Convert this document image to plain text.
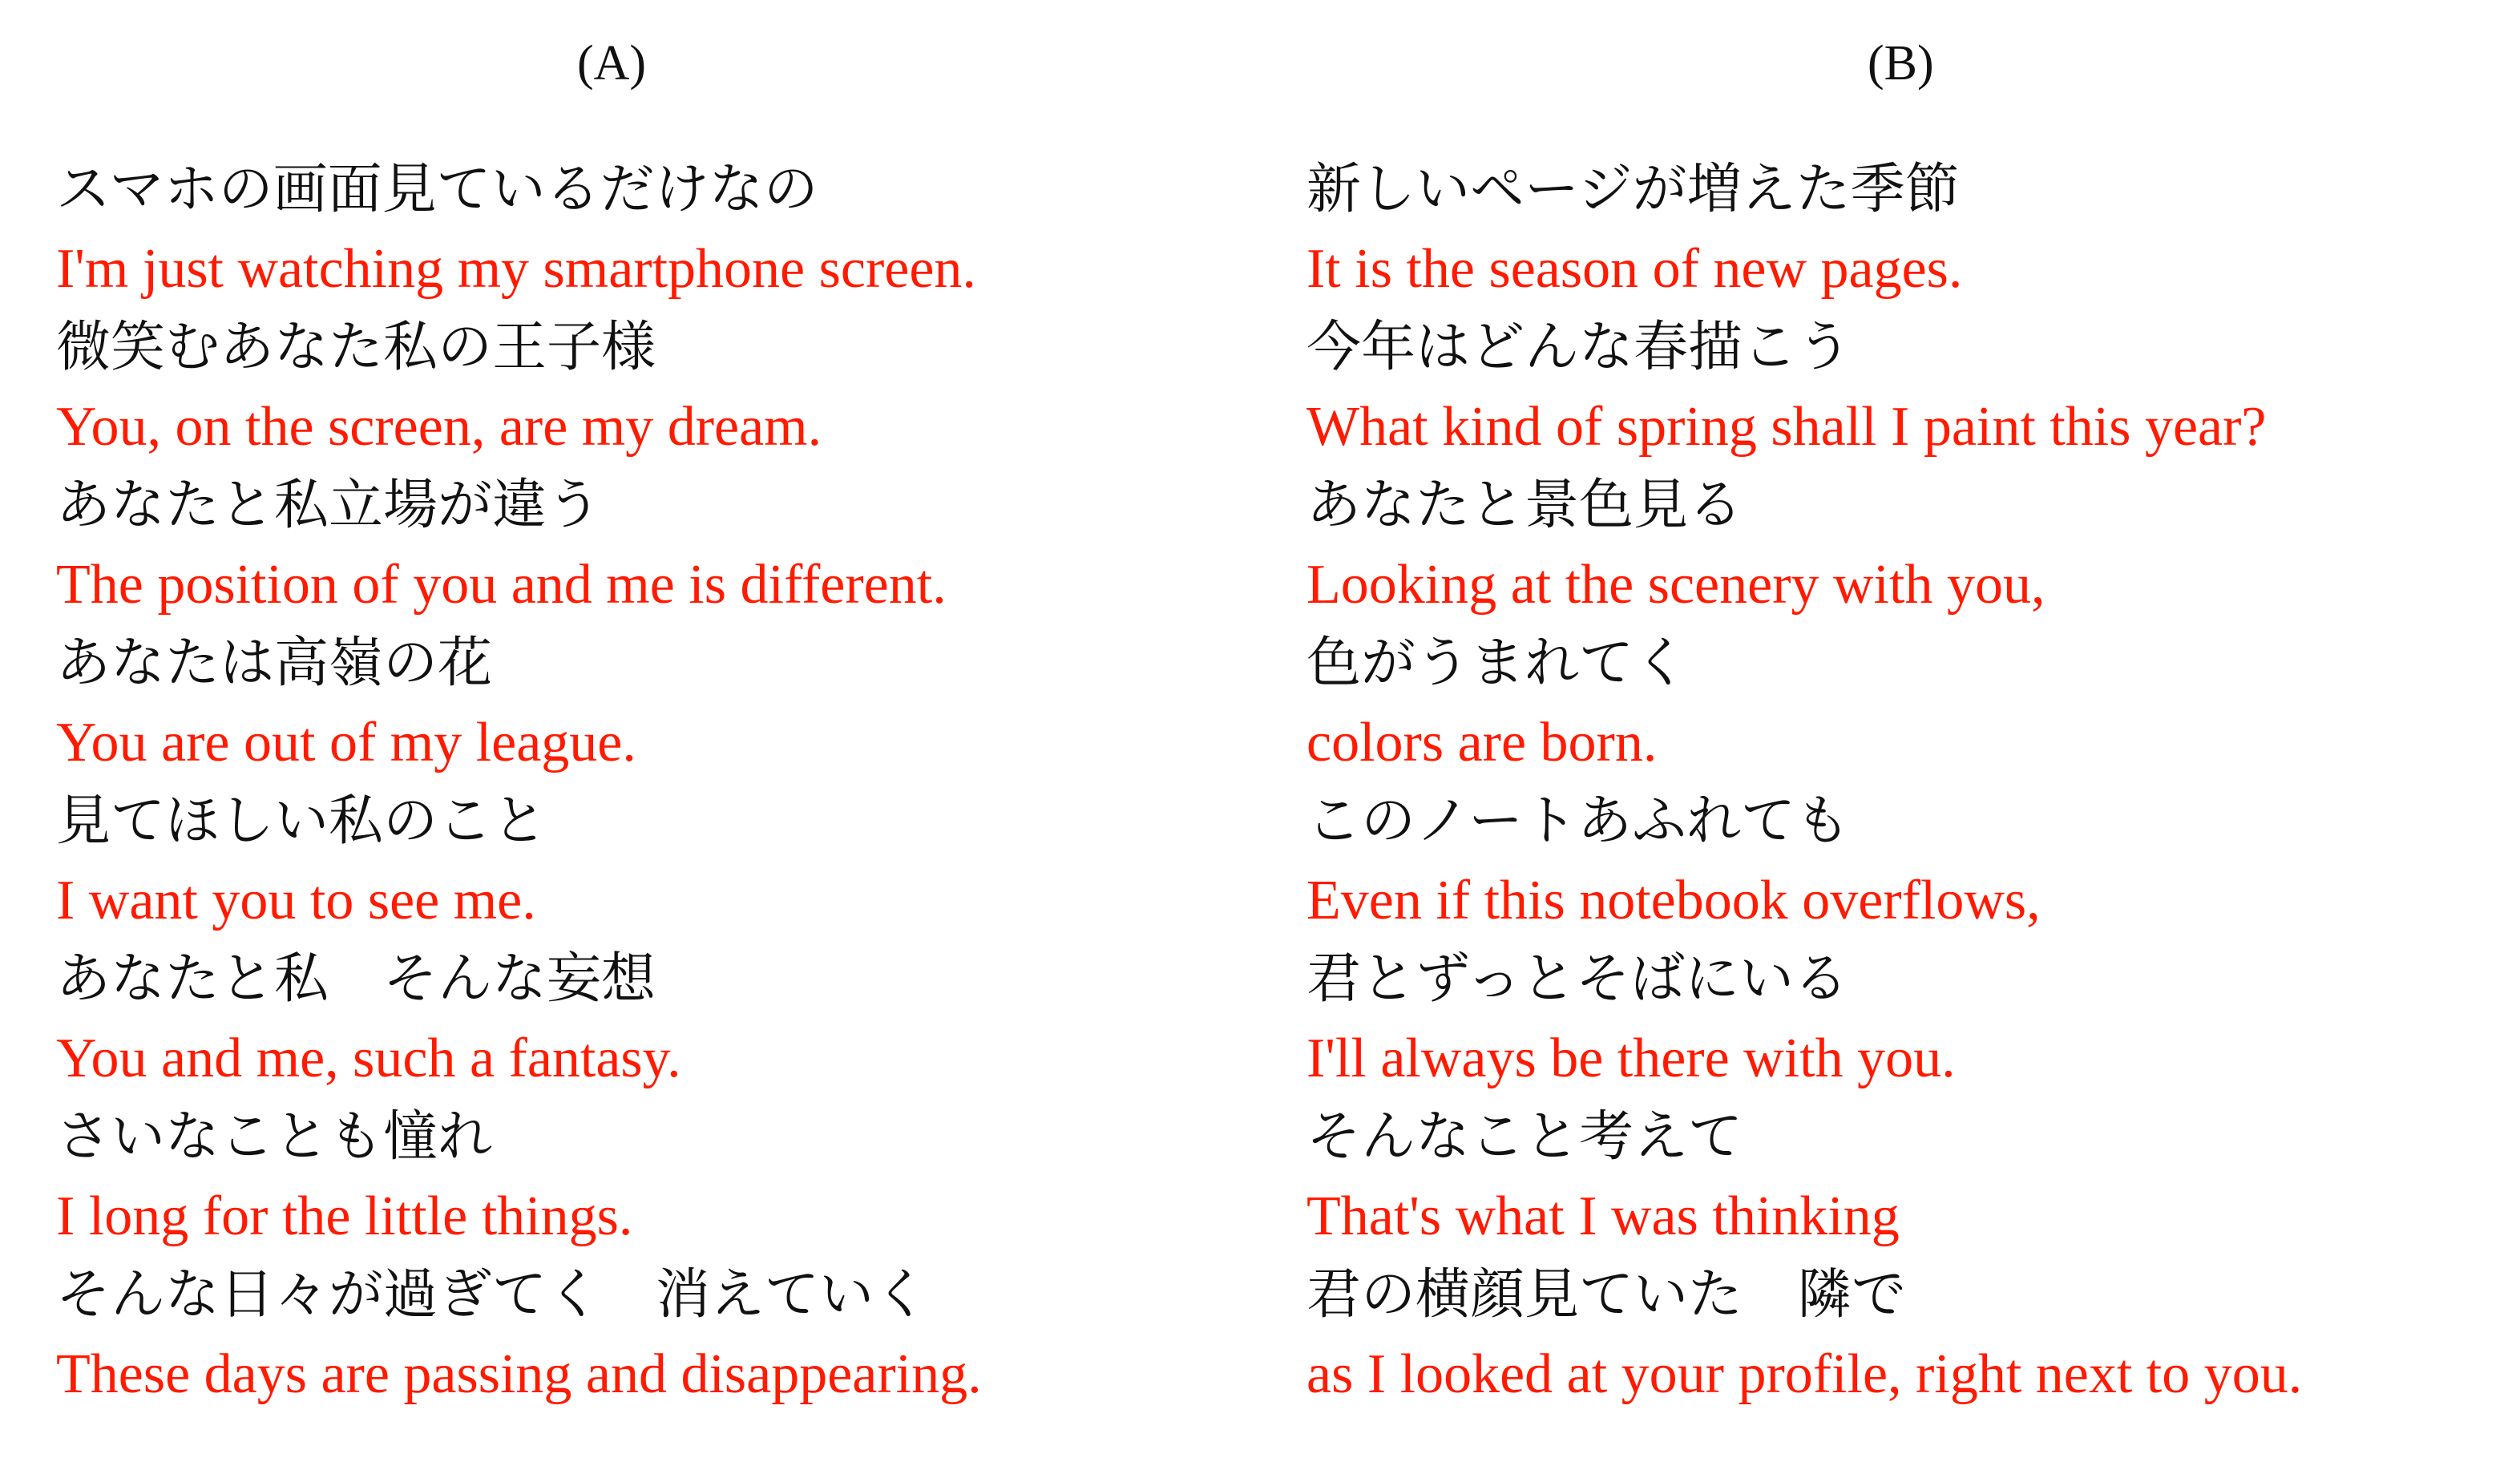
(A)
スマホの画面見ているだけなの
I'm just watching my smartphone screen.
微笑むあなた私の王子様
You, on the screen, are my dream.
あなたと私立場が違う
The position of you and me is different.
あなたは高嶺の花
You are out of my league.
見てほしい私のこと
I want you to see me.
あなたと私　そんな妄想
You and me, such a fantasy.
さいなことも憧れ
I long for the little things.
そんな日々が過ぎてく　消えていく
These days are passing and disappearing.
(B)
新しいページが増えた季節
It is the season of new pages.
今年はどんな春描こう
What kind of spring shall I paint this year?
あなたと景色見る
Looking at the scenery with you,
色がうまれてく
colors are born.
このノートあふれても
Even if this notebook overflows,
君とずっとそばにいる
I'll always be there with you.
そんなこと考えて
That's what I was thinking
君の横顔見ていた　隣で
as I looked at your profile, right next to you.
